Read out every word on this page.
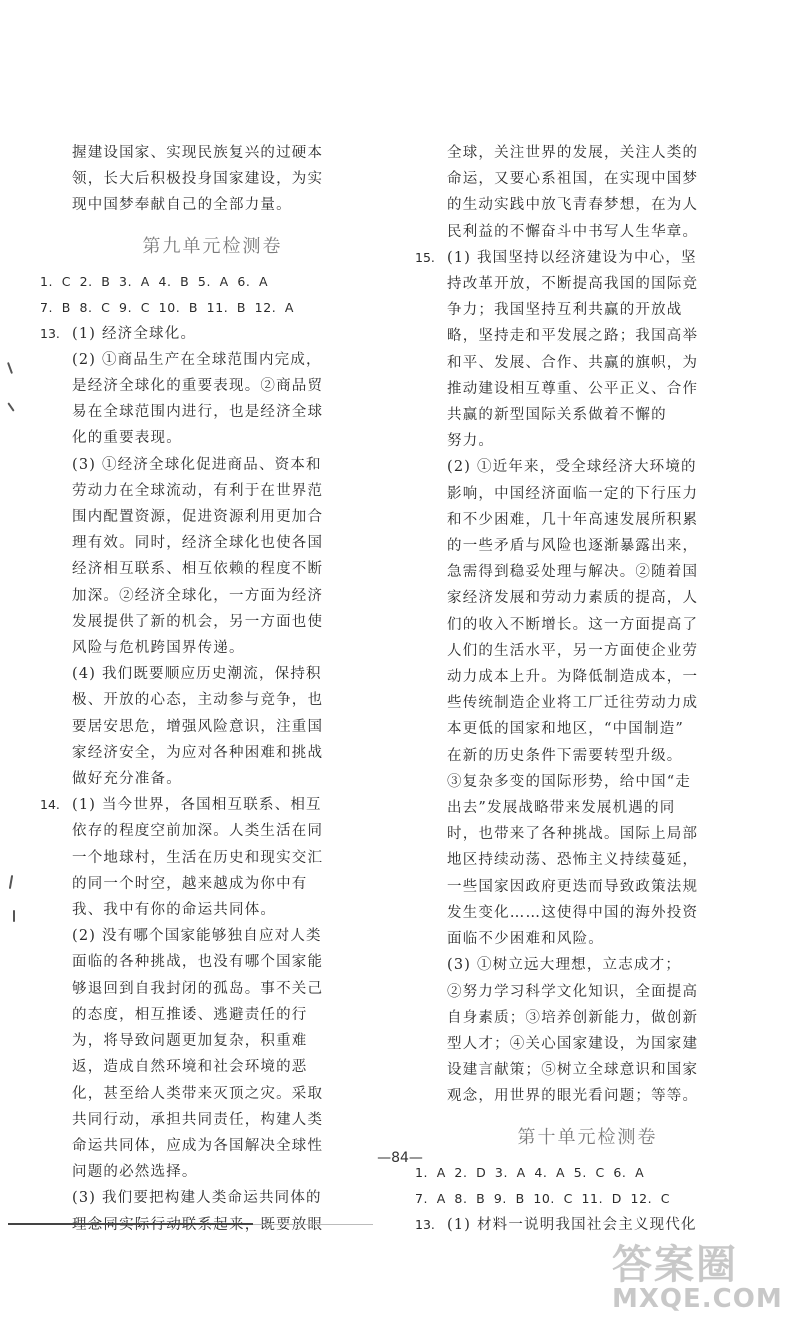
握建设国家、实现民族复兴的过硬本

领，长大后积极投身国家建设，为实

现中国梦奉献自己的全部力量。

第九单元检测卷

1. C 2. B 3. A 4. B 5. A 6. A

7. B 8. C 9. C 10. B 11. B 12. A

13. (1) 经济全球化。

(2) ①商品生产在全球范围内完成，

是经济全球化的重要表现。②商品贸

易在全球范围内进行，也是经济全球

化的重要表现。

(3) ①经济全球化促进商品、资本和

劳动力在全球流动，有利于在世界范

围内配置资源，促进资源利用更加合

理有效。同时，经济全球化也使各国

经济相互联系、相互依赖的程度不断

加深。②经济全球化，一方面为经济

发展提供了新的机会，另一方面也使

风险与危机跨国界传递。

(4) 我们既要顺应历史潮流，保持积

极、开放的心态，主动参与竞争，也

要居安思危，增强风险意识，注重国

家经济安全，为应对各种困难和挑战

做好充分准备。

14. (1) 当今世界，各国相互联系、相互

依存的程度空前加深。人类生活在同

一个地球村，生活在历史和现实交汇

的同一个时空，越来越成为你中有

我、我中有你的命运共同体。

(2) 没有哪个国家能够独自应对人类

面临的各种挑战，也没有哪个国家能

够退回到自我封闭的孤岛。事不关己

的态度，相互推诿、逃避责任的行

为，将导致问题更加复杂，积重难

返，造成自然环境和社会环境的恶

化，甚至给人类带来灭顶之灾。采取

共同行动，承担共同责任，构建人类

命运共同体，应成为各国解决全球性

问题的必然选择。

(3) 我们要把构建人类命运共同体的

全球，关注世界的发展，关注人类的

命运，又要心系祖国，在实现中国梦

的生动实践中放飞青春梦想，在为人

民利益的不懈奋斗中书写人生华章。

15. (1) 我国坚持以经济建设为中心，坚

持改革开放，不断提高我国的国际竞

争力；我国坚持互利共赢的开放战

略，坚持走和平发展之路；我国高举

和平、发展、合作、共赢的旗帜，为

推动建设相互尊重、公平正义、合作

共赢的新型国际关系做着不懈的

努力。

(2) ①近年来，受全球经济大环境的

影响，中国经济面临一定的下行压力

和不少困难，几十年高速发展所积累

的一些矛盾与风险也逐渐暴露出来，

急需得到稳妥处理与解决。②随着国

家经济发展和劳动力素质的提高，人

们的收入不断增长。这一方面提高了

人们的生活水平，另一方面使企业劳

动力成本上升。为降低制造成本，一

些传统制造企业将工厂迁往劳动力成

本更低的国家和地区，“中国制造”

在新的历史条件下需要转型升级。

③复杂多变的国际形势，给中国“走

出去”发展战略带来发展机遇的同

时，也带来了各种挑战。国际上局部

地区持续动荡、恐怖主义持续蔓延，

一些国家因政府更迭而导致政策法规

发生变化……这使得中国的海外投资

面临不少困难和风险。

(3) ①树立远大理想，立志成才；

②努力学习科学文化知识，全面提高

自身素质；③培养创新能力，做创新

型人才；④关心国家建设，为国家建

设建言献策；⑤树立全球意识和国家

观念，用世界的眼光看问题；等等。

第十单元检测卷

1. A 2. D 3. A 4. A 5. C 6. A

7. A 8. B 9. B 10. C 11. D 12. C

13. (1) 材料一说明我国社会主义现代化

—84—
答案圈
MXQE.COM
